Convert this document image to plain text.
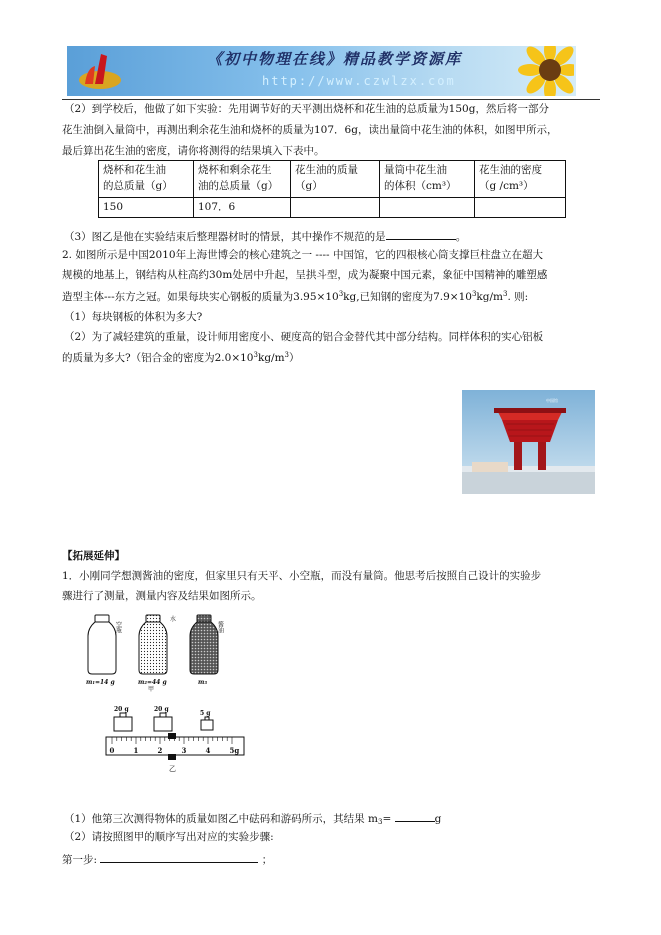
《初中物理在线》精品教学资源库
http://www.czwlzx.com
（2）到学校后，他做了如下实验：先用调节好的天平测出烧杯和花生油的总质量为150g，然后将一部分
花生油倒入量筒中，再测出剩余花生油和烧杯的质量为107．6g，读出量筒中花生油的体积，如图甲所示，
最后算出花生油的密度，请你将测得的结果填入下表中。
烧杯和花生油
的总质量（g）	烧杯和剩余花生
油的总质量（g）	花生油的质量
（g）	量筒中花生油
的体积（cm³）	花生油的密度
（g /cm³）
150	107．6			
（3）图乙是他在实验结束后整理器材时的情景，其中操作不规范的是	。
2. 如图所示是中国2010年上海世博会的核心建筑之一 ---- 中国馆，它的四根核心筒支撑巨柱盘立在超大
规模的地基上，钢结构从柱高约30m处居中升起，呈拱斗型，成为凝聚中国元素，象征中国精神的雕塑感
造型主体---东方之冠。如果每块实心钢板的质量为$3.95\times 10^3kg$,已知钢的密度为$7.9\times 10^3kg/m^3$. 则:
（1）每块钢板的体积为多大?
（2）为了减轻建筑的重量，设计师用密度小、硬度高的铝合金替代其中部分结构。同样体积的实心铝板
的质量为多大?（铝合金的密度为$2.0\times 10^3kg/m^3$）
中国馆
【拓展延伸】
1．小刚同学想测酱油的密度，但家里只有天平、小空瓶，而没有量筒。他思考后按照自己设计的实验步
骤进行了测量，测量内容及结果如图所示。
空瓶
水
酱油
m₁=14 g	m₂=44 g	m₃
甲
20 g	20 g
5 g
0	1	2	3	4	5g
乙
（1）他第三次测得物体的质量如图乙中砝码和游码所示，其结果 $m_3=$	g
（2）请按照图甲的顺序写出对应的实验步骤:
第一步:	；
